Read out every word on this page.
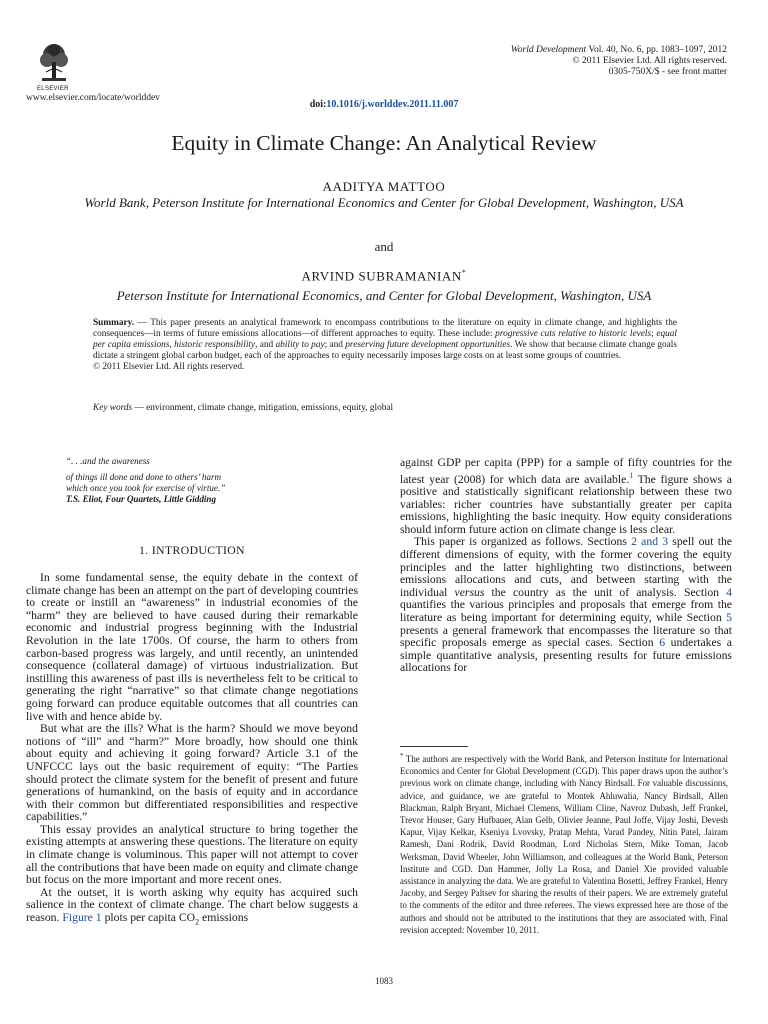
ELSEVIER
www.elsevier.com/locate/worlddev
World Development Vol. 40, No. 6, pp. 1083–1097, 2012
© 2011 Elsevier Ltd. All rights reserved.
0305-750X/$ - see front matter
doi:10.1016/j.worlddev.2011.11.007
Equity in Climate Change: An Analytical Review
AADITYA MATTOO
World Bank, Peterson Institute for International Economics and Center for Global Development, Washington, USA
and
ARVIND SUBRAMANIAN*
Peterson Institute for International Economics, and Center for Global Development, Washington, USA
Summary. — This paper presents an analytical framework to encompass contributions to the literature on equity in climate change, and highlights the consequences—in terms of future emissions allocations—of different approaches to equity. These include: progressive cuts relative to historic levels; equal per capita emissions, historic responsibility, and ability to pay; and preserving future development opportunities. We show that because climate change goals dictate a stringent global carbon budget, each of the approaches to equity necessarily imposes large costs on at least some groups of countries.
© 2011 Elsevier Ltd. All rights reserved.
Key words — environment, climate change, mitigation, emissions, equity, global
“. . .and the awareness
of things ill done and done to others’ harm
which once you took for exercise of virtue.”
T.S. Eliot, Four Quartets, Little Gidding
1. INTRODUCTION

In some fundamental sense, the equity debate in the context of climate change has been an attempt on the part of developing countries to create or instill an “awareness” in industrial economies of the “harm” they are believed to have caused during their remarkable economic and industrial progress beginning with the Industrial Revolution in the late 1700s. Of course, the harm to others from carbon-based progress was largely, and until recently, an unintended consequence (collateral damage) of virtuous industrialization. But instilling this awareness of past ills is nevertheless felt to be critical to generating the right “narrative” so that climate change negotiations going forward can produce equitable outcomes that all countries can live with and hence abide by.

But what are the ills? What is the harm? Should we move beyond notions of “ill” and “harm?” More broadly, how should one think about equity and achieving it going forward? Article 3.1 of the UNFCCC lays out the basic requirement of equity: “The Parties should protect the climate system for the benefit of present and future generations of humankind, on the basis of equity and in accordance with their common but differentiated responsibilities and respective capabilities.”

This essay provides an analytical structure to bring together the existing attempts at answering these questions. The literature on equity in climate change is voluminous. This paper will not attempt to cover all the contributions that have been made on equity and climate change but focus on the more important and more recent ones.

At the outset, it is worth asking why equity has acquired such salience in the context of climate change. The chart below suggests a reason. Figure 1 plots per capita $CO_2$ emissions

against GDP per capita (PPP) for a sample of fifty countries for the latest year (2008) for which data are available.$^1$ The figure shows a positive and statistically significant relationship between these two variables: richer countries have substantially greater per capita emissions, highlighting the basic inequity. How equity considerations should inform future action on climate change is less clear.

This paper is organized as follows. Sections 2 and 3 spell out the different dimensions of equity, with the former covering the equity principles and the latter highlighting two distinctions, between emissions allocations and cuts, and between starting with the individual versus the country as the unit of analysis. Section 4 quantifies the various principles and proposals that emerge from the literature as being important for determining equity, while Section 5 presents a general framework that encompasses the literature so that specific proposals emerge as special cases. Section 6 undertakes a simple quantitative analysis, presenting results for future emissions allocations for

* The authors are respectively with the World Bank, and Peterson Institute for International Economics and Center for Global Development (CGD). This paper draws upon the author’s previous work on climate change, including with Nancy Birdsall. For valuable discussions, advice, and guidance, we are grateful to Montek Ahluwalia, Nancy Birdsall, Allen Blackman, Ralph Bryant, Michael Clemens, William Cline, Navroz Dubash, Jeff Frankel, Trevor Houser, Gary Hufbauer, Alan Gelb, Olivier Jeanne, Paul Joffe, Vijay Joshi, Devesh Kapur, Vijay Kelkar, Kseniya Lvovsky, Pratap Mehta, Varad Pandey, Nitin Patel, Jairam Ramesh, Dani Rodrik, David Roodman, Lord Nicholas Stern, Mike Toman, Jacob Werksman, David Wheeler, John Williamson, and colleagues at the World Bank, Peterson Institute and CGD. Dan Hammer, Jolly La Rosa, and Daniel Xie provided valuable assistance in analyzing the data. We are grateful to Valentina Bosetti, Jeffrey Frankel, Henry Jacoby, and Sergey Paltsev for sharing the results of their papers. We are extremely grateful to the comments of the editor and three referees. The views expressed here are those of the authors and should not be attributed to the institutions that they are associated with. Final revision accepted: November 10, 2011.
1083
